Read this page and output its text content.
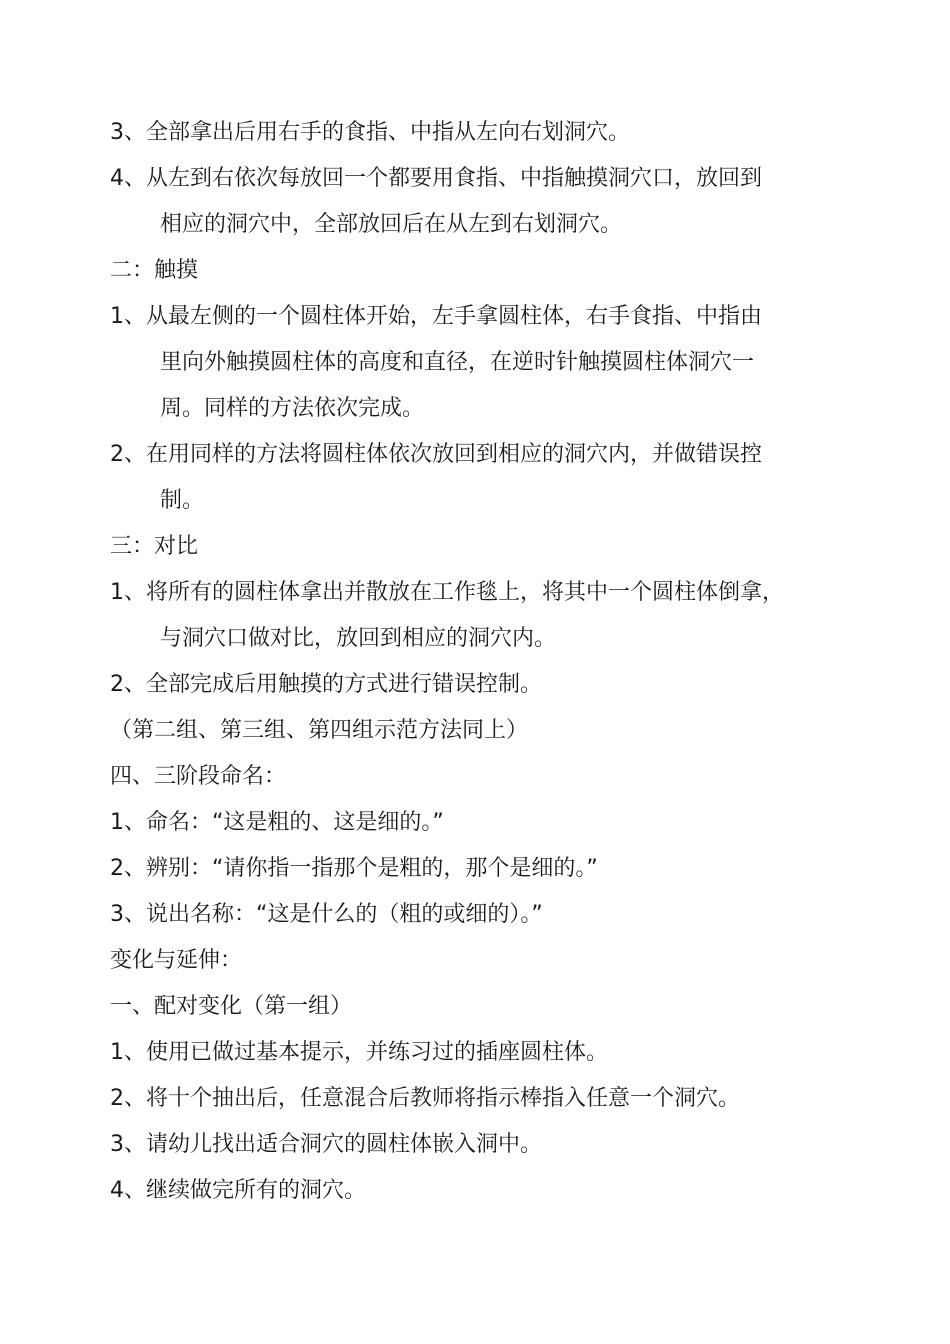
3、全部拿出后用右手的食指、中指从左向右划洞穴。
4、从左到右依次每放回一个都要用食指、中指触摸洞穴口，放回到
相应的洞穴中，全部放回后在从左到右划洞穴。
二：触摸
1、从最左侧的一个圆柱体开始，左手拿圆柱体，右手食指、中指由
里向外触摸圆柱体的高度和直径，在逆时针触摸圆柱体洞穴一
周。同样的方法依次完成。
2、在用同样的方法将圆柱体依次放回到相应的洞穴内，并做错误控
制。
三：对比
1、将所有的圆柱体拿出并散放在工作毯上，将其中一个圆柱体倒拿，
与洞穴口做对比，放回到相应的洞穴内。
2、全部完成后用触摸的方式进行错误控制。
（第二组、第三组、第四组示范方法同上）
四、三阶段命名：
1、命名：“这是粗的、这是细的。”
2、辨别：“请你指一指那个是粗的，那个是细的。”
3、说出名称：“这是什么的（粗的或细的）。”
变化与延伸：
一、配对变化（第一组）
1、使用已做过基本提示，并练习过的插座圆柱体。
2、将十个抽出后，任意混合后教师将指示棒指入任意一个洞穴。
3、请幼儿找出适合洞穴的圆柱体嵌入洞中。
4、继续做完所有的洞穴。
